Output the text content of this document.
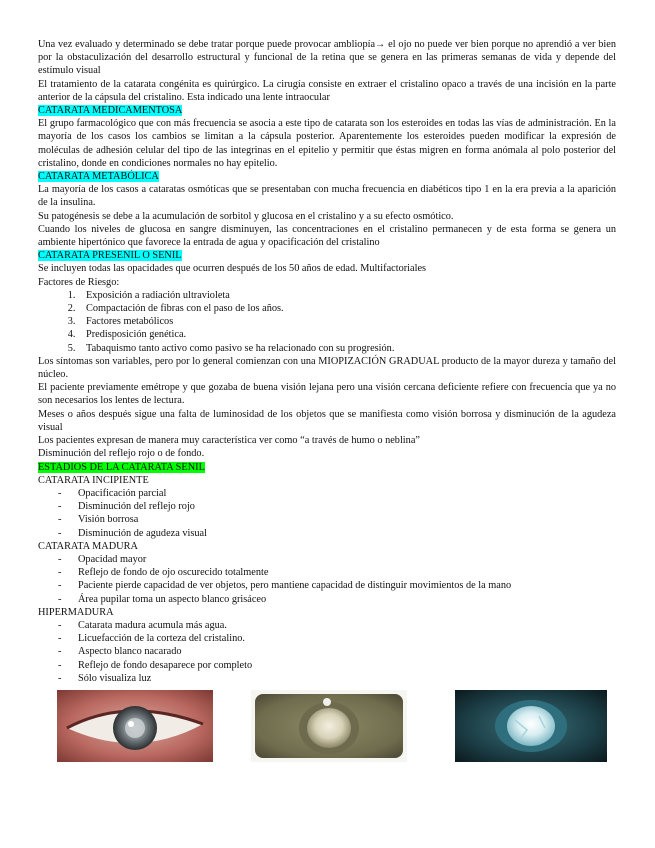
Una vez evaluado y determinado se debe tratar porque puede provocar ambliopía→ el ojo no puede ver bien porque no aprendió a ver bien por la obstaculización del desarrollo estructural y funcional de la retina que se genera en las primeras semanas de vida y depende del estímulo visual

El tratamiento de la catarata congénita es quirúrgico. La cirugía consiste en extraer el cristalino opaco a través de una incisión en la parte anterior de la cápsula del cristalino. Esta indicado una lente intraocular

CATARATA MEDICAMENTOSA

El grupo farmacológico que con más frecuencia se asocia a este tipo de catarata son los esteroides en todas las vías de administración. En la mayoría de los casos los cambios se limitan a la cápsula posterior. Aparentemente los esteroides pueden modificar la expresión de moléculas de adhesión celular del tipo de las integrinas en el epitelio y permitir que éstas migren en forma anómala al polo posterior del cristalino, donde en condiciones normales no hay epitelio.

CATARATA METABÓLICA

La mayoría de los casos a cataratas osmóticas que se presentaban con mucha frecuencia en diabéticos tipo 1 en la era previa a la aparición de la insulina.

Su patogénesis se debe a la acumulación de sorbitol y glucosa en el cristalino y a su efecto osmótico.

Cuando los niveles de glucosa en sangre disminuyen, las concentraciones en el cristalino permanecen y de esta forma se genera un ambiente hipertónico que favorece la entrada de agua y opacificación del cristalino

CATARATA PRESENIL O SENIL

Se incluyen todas las opacidades que ocurren después de los 50 años de edad. Multifactoriales

Factores de Riesgo:

1. Exposición a radiación ultravioleta
2. Compactación de fibras con el paso de los años.
3. Factores metabólicos
4. Predisposición genética.
5. Tabaquismo tanto activo como pasivo se ha relacionado con su progresión.

Los síntomas son variables, pero por lo general comienzan con una MIOPIZACIÓN GRADUAL producto de la mayor dureza y tamaño del núcleo.

El paciente previamente emétrope y que gozaba de buena visión lejana pero una visión cercana deficiente refiere con frecuencia que ya no son necesarios los lentes de lectura.

Meses o años después sigue una falta de luminosidad de los objetos que se manifiesta como visión borrosa y disminución de la agudeza visual

Los pacientes expresan de manera muy característica ver como “a través de humo o neblina”

Disminución del reflejo rojo o de fondo.

ESTADIOS DE LA CATARATA SENIL
CATARATA INCIPIENTE
- Opacificación parcial
- Disminución del reflejo rojo
- Visión borrosa
- Disminución de agudeza visual
CATARATA MADURA
- Opacidad mayor
- Reflejo de fondo de ojo oscurecido totalmente
- Paciente pierde capacidad de ver objetos, pero mantiene capacidad de distinguir movimientos de la mano
- Área pupilar toma un aspecto blanco grisáceo
HIPERMADURA
- Catarata madura acumula más agua.
- Licuefacción de la corteza del cristalino.
- Aspecto blanco nacarado
- Reflejo de fondo desaparece por completo
- Sólo visualiza luz
